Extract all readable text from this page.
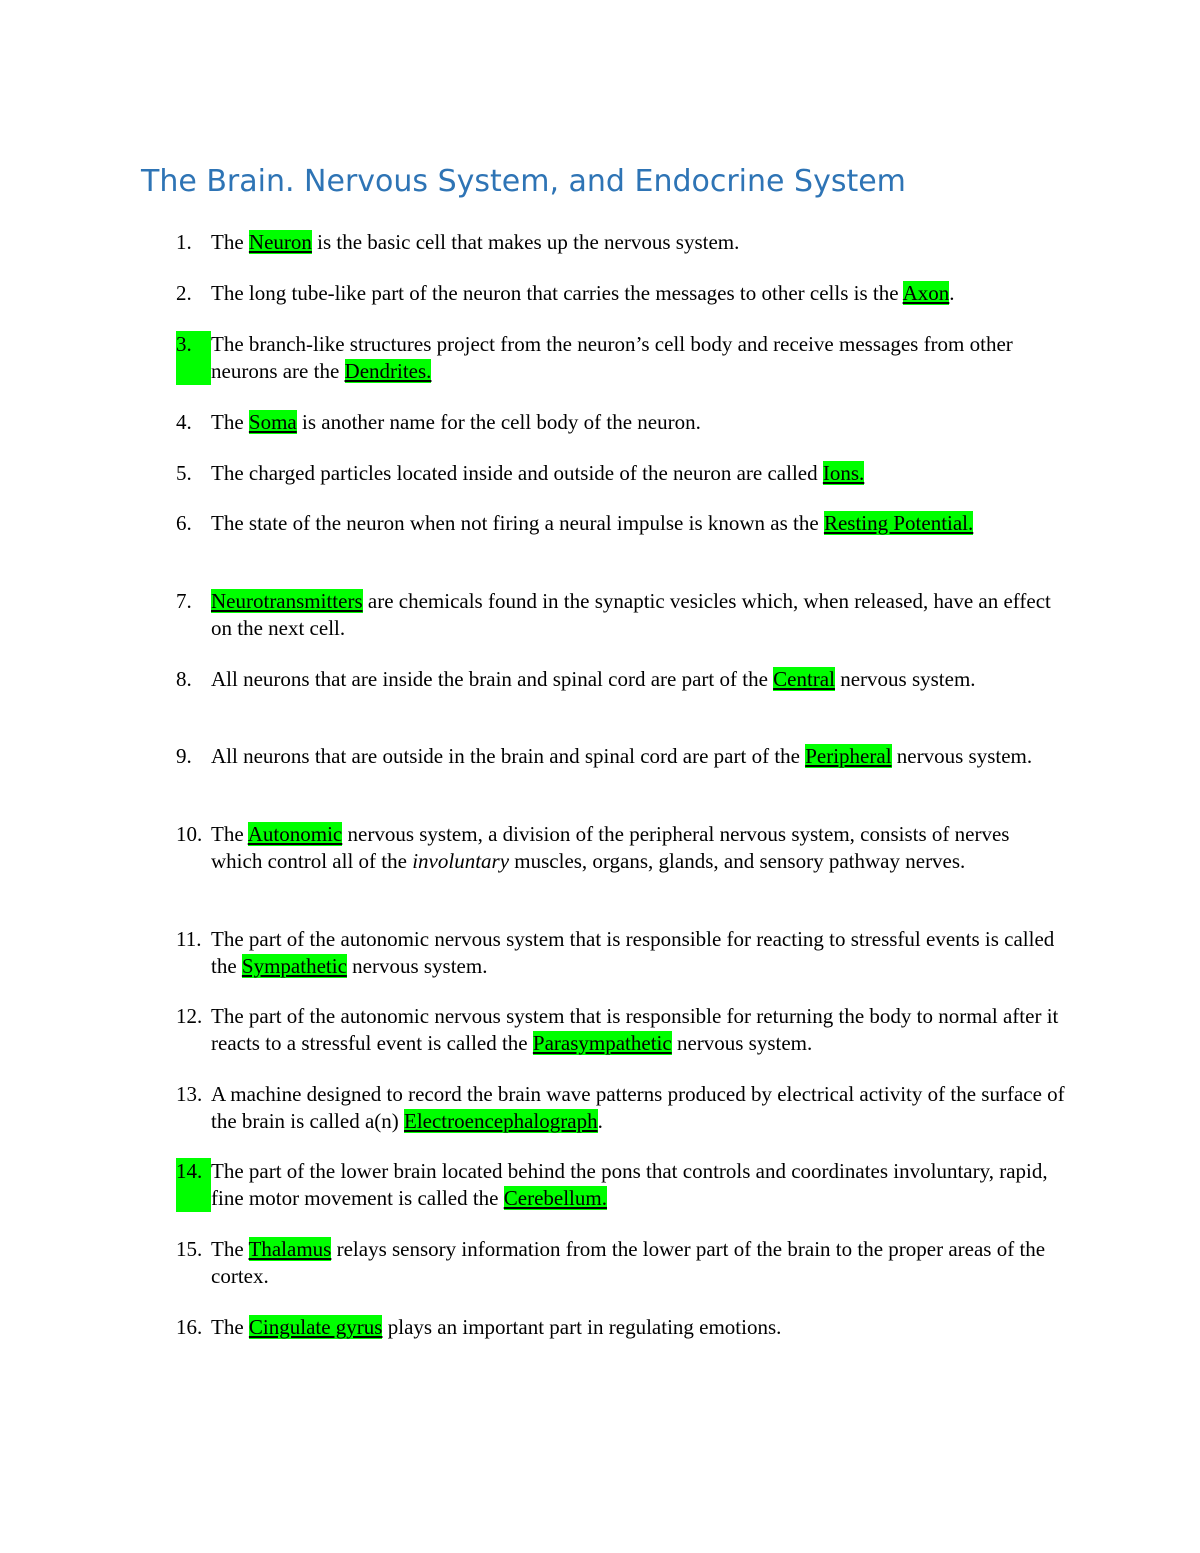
The Brain. Nervous System, and Endocrine System
1. The Neuron is the basic cell that makes up the nervous system.
2. The long tube-like part of the neuron that carries the messages to other cells is the Axon.
3. The branch-like structures project from the neuron’s cell body and receive messages from other neurons are the Dendrites.
4. The Soma is another name for the cell body of the neuron.
5. The charged particles located inside and outside of the neuron are called Ions.
6. The state of the neuron when not firing a neural impulse is known as the Resting Potential.
7. Neurotransmitters are chemicals found in the synaptic vesicles which, when released, have an effect on the next cell.
8. All neurons that are inside the brain and spinal cord are part of the Central nervous system.
9. All neurons that are outside in the brain and spinal cord are part of the Peripheral nervous system.
10. The Autonomic nervous system, a division of the peripheral nervous system, consists of nerves which control all of the involuntary muscles, organs, glands, and sensory pathway nerves.
11. The part of the autonomic nervous system that is responsible for reacting to stressful events is called the Sympathetic nervous system.
12. The part of the autonomic nervous system that is responsible for returning the body to normal after it reacts to a stressful event is called the Parasympathetic nervous system.
13. A machine designed to record the brain wave patterns produced by electrical activity of the surface of the brain is called a(n) Electroencephalograph.
14. The part of the lower brain located behind the pons that controls and coordinates involuntary, rapid, fine motor movement is called the Cerebellum.
15. The Thalamus relays sensory information from the lower part of the brain to the proper areas of the cortex.
16. The Cingulate gyrus plays an important part in regulating emotions.
